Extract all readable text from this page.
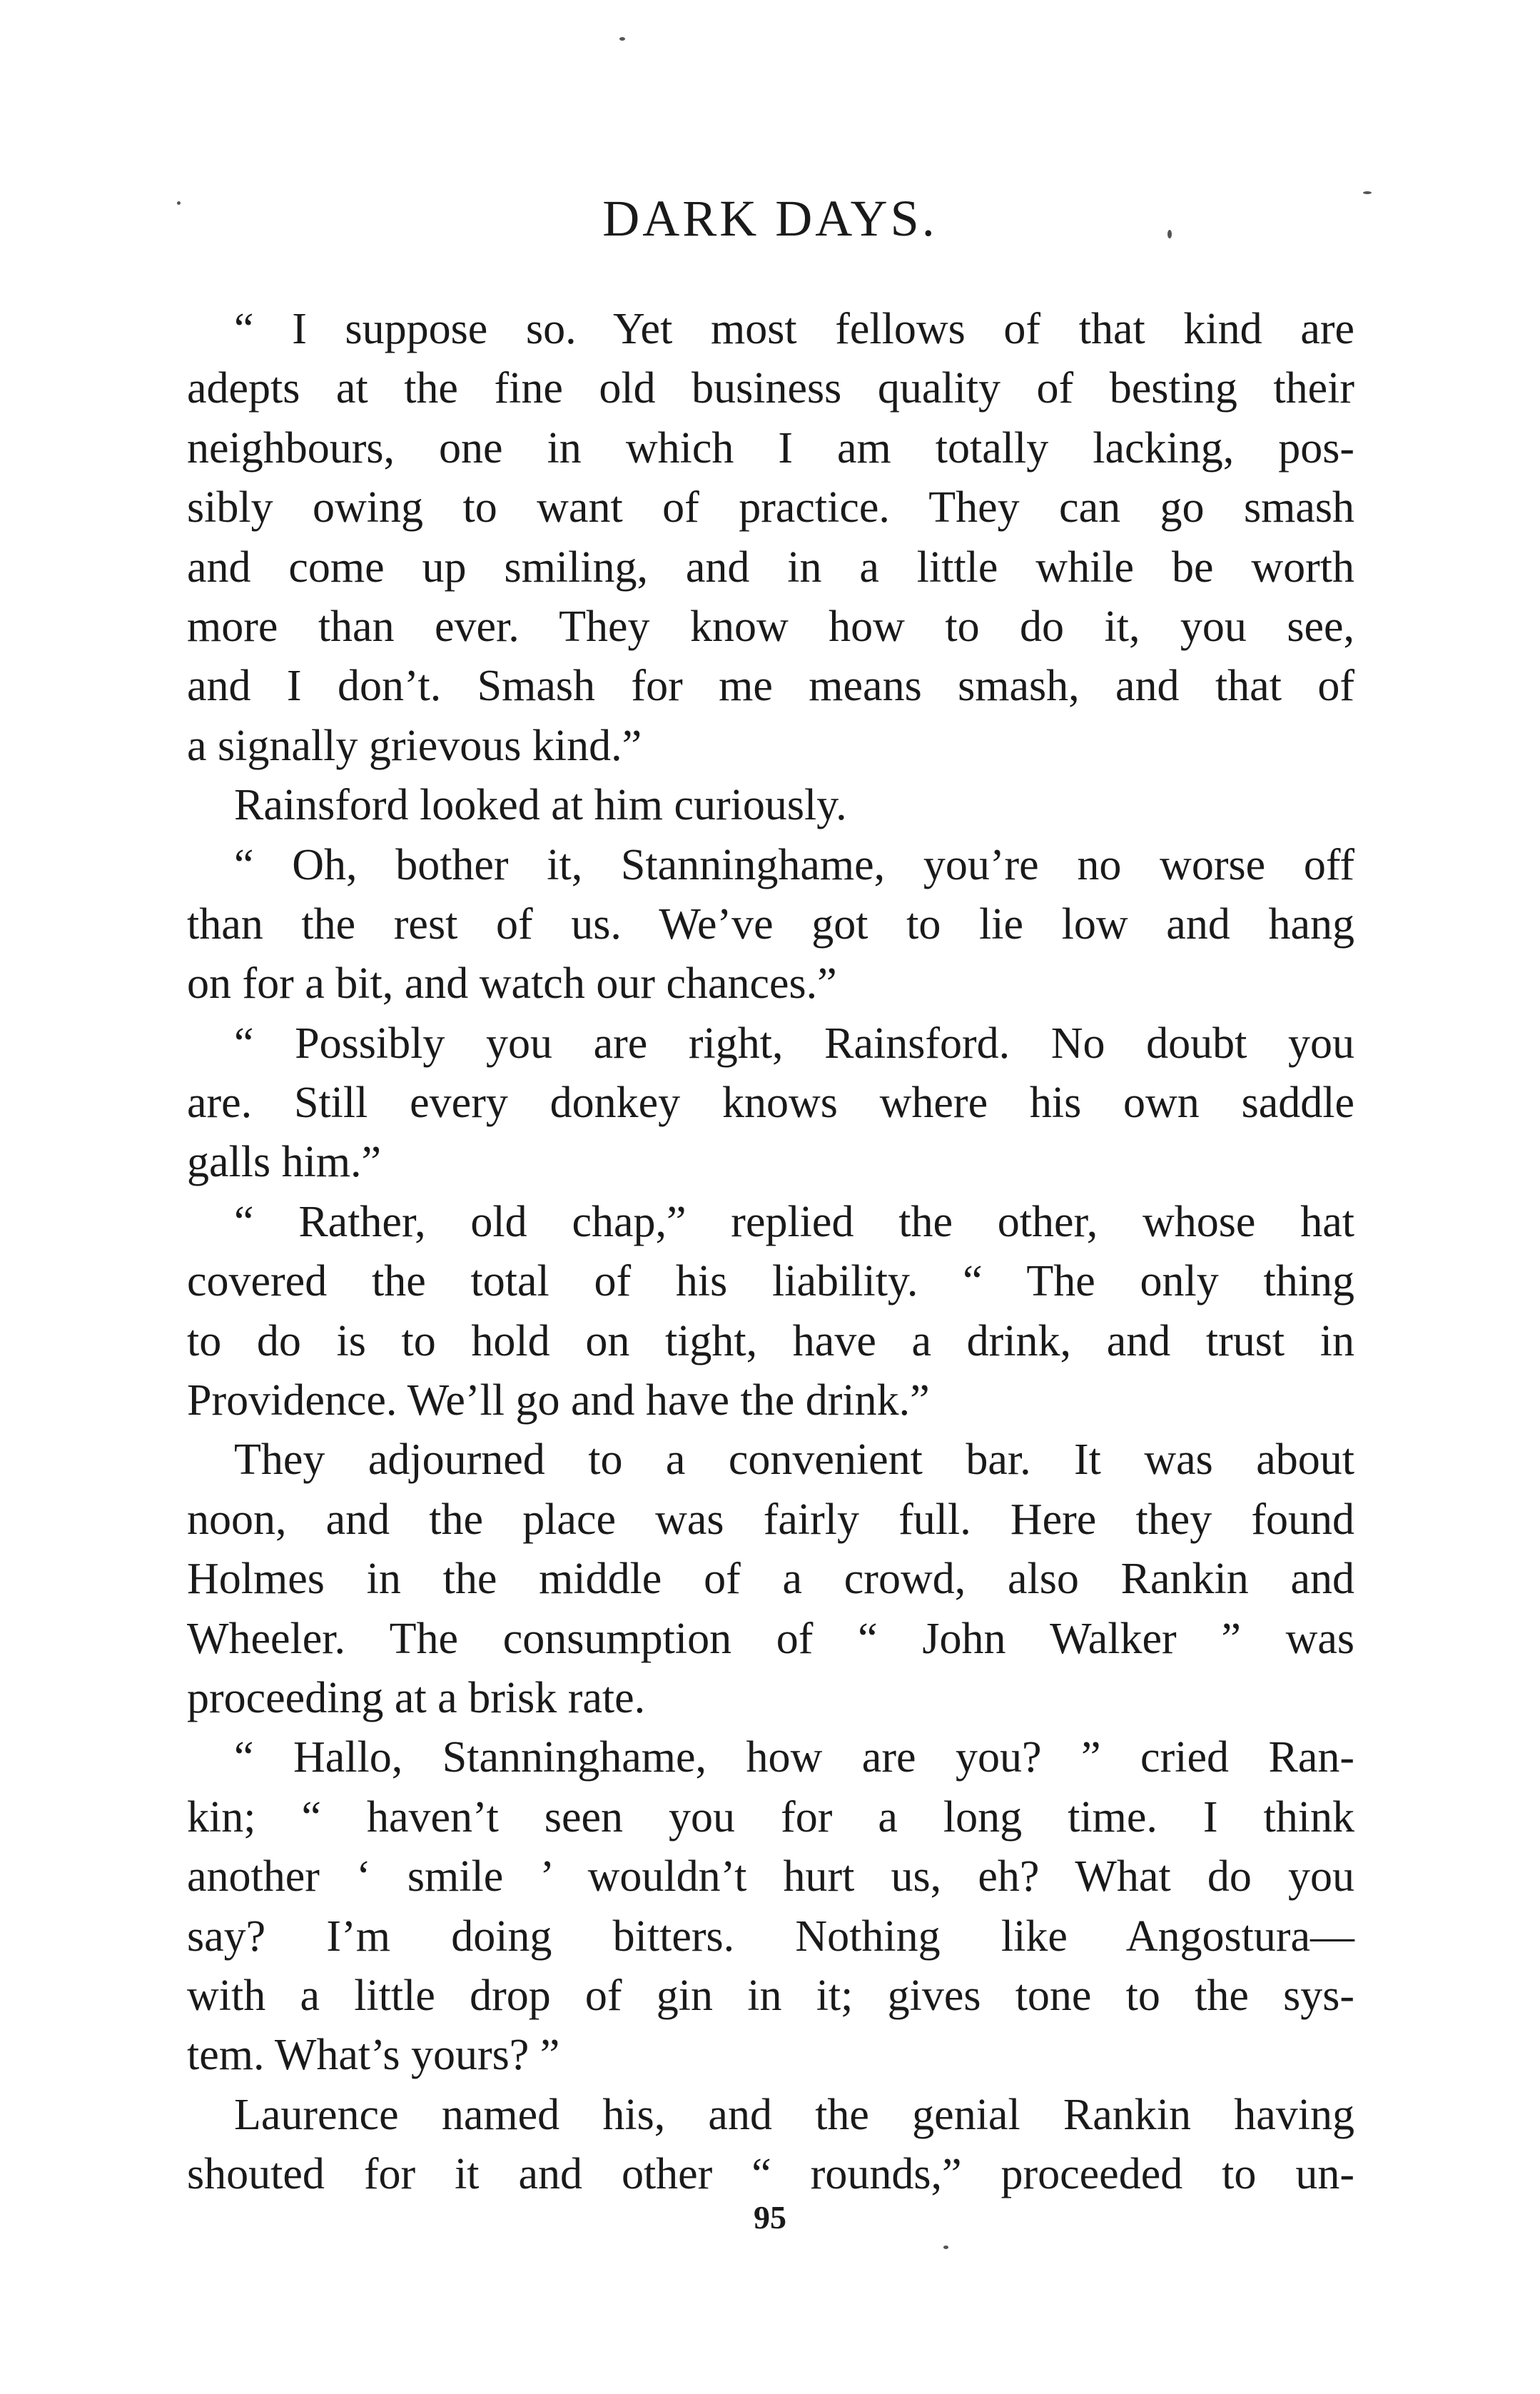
DARK DAYS.
“ I suppose so. Yet most fellows of that kind are
adepts at the fine old business quality of besting their
neighbours, one in which I am totally lacking, pos-
sibly owing to want of practice. They can go smash
and come up smiling, and in a little while be worth
more than ever. They know how to do it, you see,
and I don’t. Smash for me means smash, and that of
a signally grievous kind.”
Rainsford looked at him curiously.
“ Oh, bother it, Stanninghame, you’re no worse off
than the rest of us. We’ve got to lie low and hang
on for a bit, and watch our chances.”
“ Possibly you are right, Rainsford. No doubt you
are. Still every donkey knows where his own saddle
galls him.”
“ Rather, old chap,” replied the other, whose hat
covered the total of his liability. “ The only thing
to do is to hold on tight, have a drink, and trust in
Providence. We’ll go and have the drink.”
They adjourned to a convenient bar. It was about
noon, and the place was fairly full. Here they found
Holmes in the middle of a crowd, also Rankin and
Wheeler. The consumption of “ John Walker ” was
proceeding at a brisk rate.
“ Hallo, Stanninghame, how are you? ” cried Ran-
kin; “ haven’t seen you for a long time. I think
another ‘ smile ’ wouldn’t hurt us, eh? What do you
say? I’m doing bitters. Nothing like Angostura—
with a little drop of gin in it; gives tone to the sys-
tem. What’s yours? ”
Laurence named his, and the genial Rankin having
shouted for it and other “ rounds,” proceeded to un-
95
